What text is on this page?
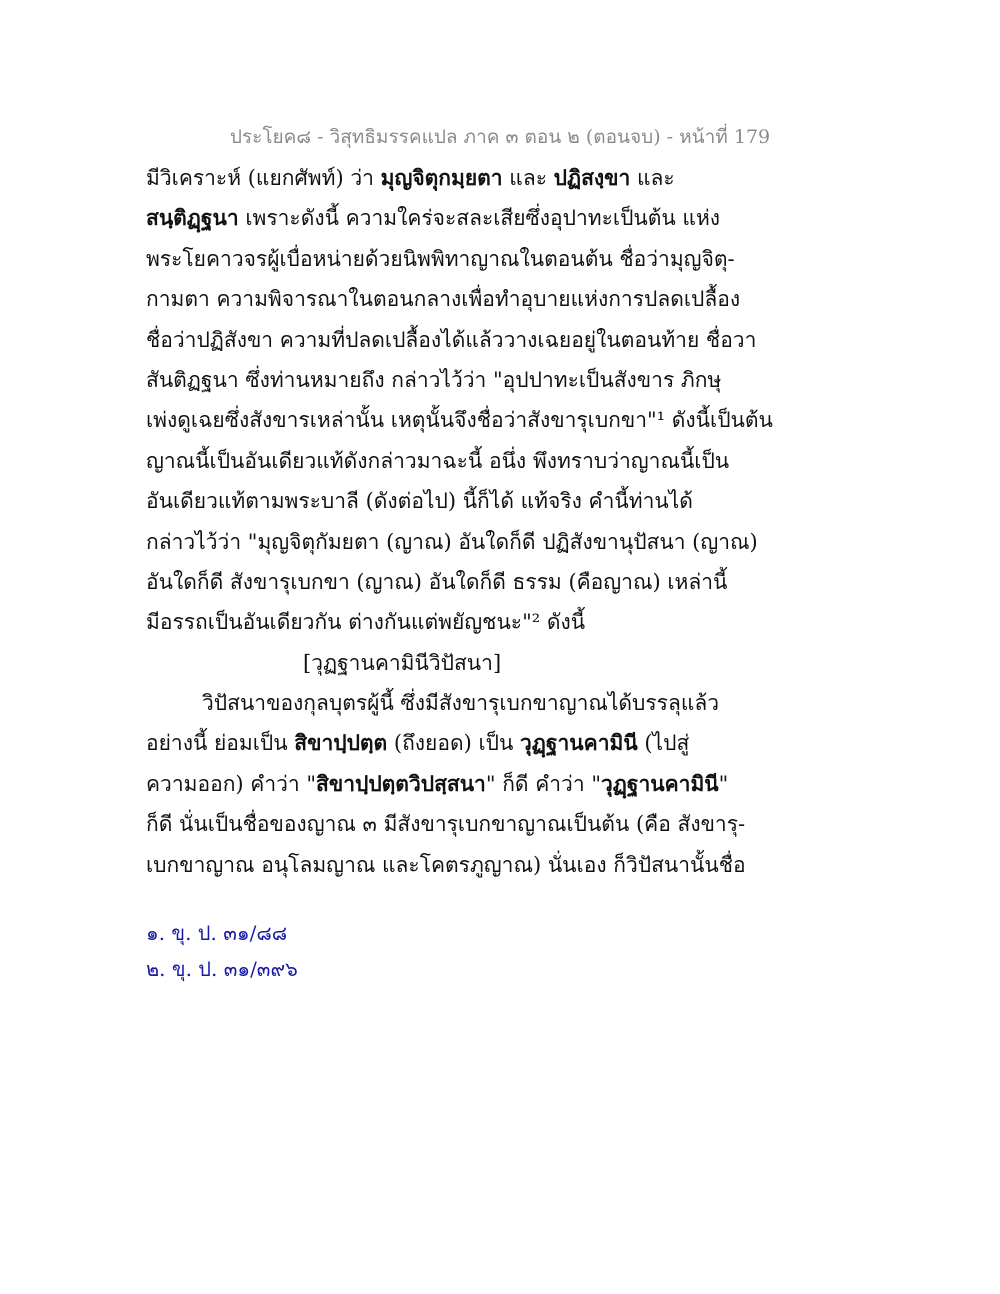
ประโยค๘ - วิสุทธิมรรคแปล ภาค ๓ ตอน ๒ (ตอนจบ) - หน้าที่ 179
มีวิเคราะห์ (แยกศัพท์) ว่า มุญจิตุกมฺยตา และ ปฏิสงฺขา และ
สนฺติฏฺฐนา เพราะดังนี้ ความใคร่จะสละเสียซึ่งอุปาทะเป็นต้น แห่ง
พระโยคาวจรผู้เบื่อหน่ายด้วยนิพพิทาญาณในตอนต้น ชื่อว่ามุญจิตุ-
กามตา ความพิจารณาในตอนกลางเพื่อทำอุบายแห่งการปลดเปลื้อง
ชื่อว่าปฏิสังขา ความที่ปลดเปลื้องได้แล้ววางเฉยอยู่ในตอนท้าย ชื่อวา
สันติฏฐนา ซึ่งท่านหมายถึง กล่าวไว้ว่า "อุปปาทะเป็นสังขาร ภิกษุ
เพ่งดูเฉยซึ่งสังขารเหล่านั้น เหตุนั้นจึงชื่อว่าสังขารุเบกขา"¹ ดังนี้เป็นต้น
ญาณนี้เป็นอันเดียวแท้ดังกล่าวมาฉะนี้ อนึ่ง พึงทราบว่าญาณนี้เป็น
อันเดียวแท้ตามพระบาลี (ดังต่อไป) นี้ก็ได้ แท้จริง คำนี้ท่านได้
กล่าวไว้ว่า "มุญจิตุกัมยตา (ญาณ) อันใดก็ดี ปฏิสังขานุปัสนา (ญาณ)
อันใดก็ดี สังขารุเบกขา (ญาณ) อันใดก็ดี ธรรม (คือญาณ) เหล่านี้
มีอรรถเป็นอันเดียวกัน ต่างกันแต่พยัญชนะ"² ดังนี้
[วุฏฐานคามินีวิปัสนา]
วิปัสนาของกุลบุตรผู้นี้ ซึ่งมีสังขารุเบกขาญาณได้บรรลุแล้ว
อย่างนี้ ย่อมเป็น สิขาปฺปตฺต (ถึงยอด) เป็น วุฏฺฐานคามินี (ไปสู่
ความออก) คำว่า "สิขาปฺปตฺตวิปสฺสนา" ก็ดี คำว่า "วุฏฺฐานคามินี"
ก็ดี นั่นเป็นชื่อของญาณ ๓ มีสังขารุเบกขาญาณเป็นต้น (คือ สังขารุ-
เบกขาญาณ อนุโลมญาณ และโคตรภูญาณ) นั่นเอง ก็วิปัสนานั้นชื่อ
๑. ขุ. ป. ๓๑/๘๘
๒. ขุ. ป. ๓๑/๓๙๖
